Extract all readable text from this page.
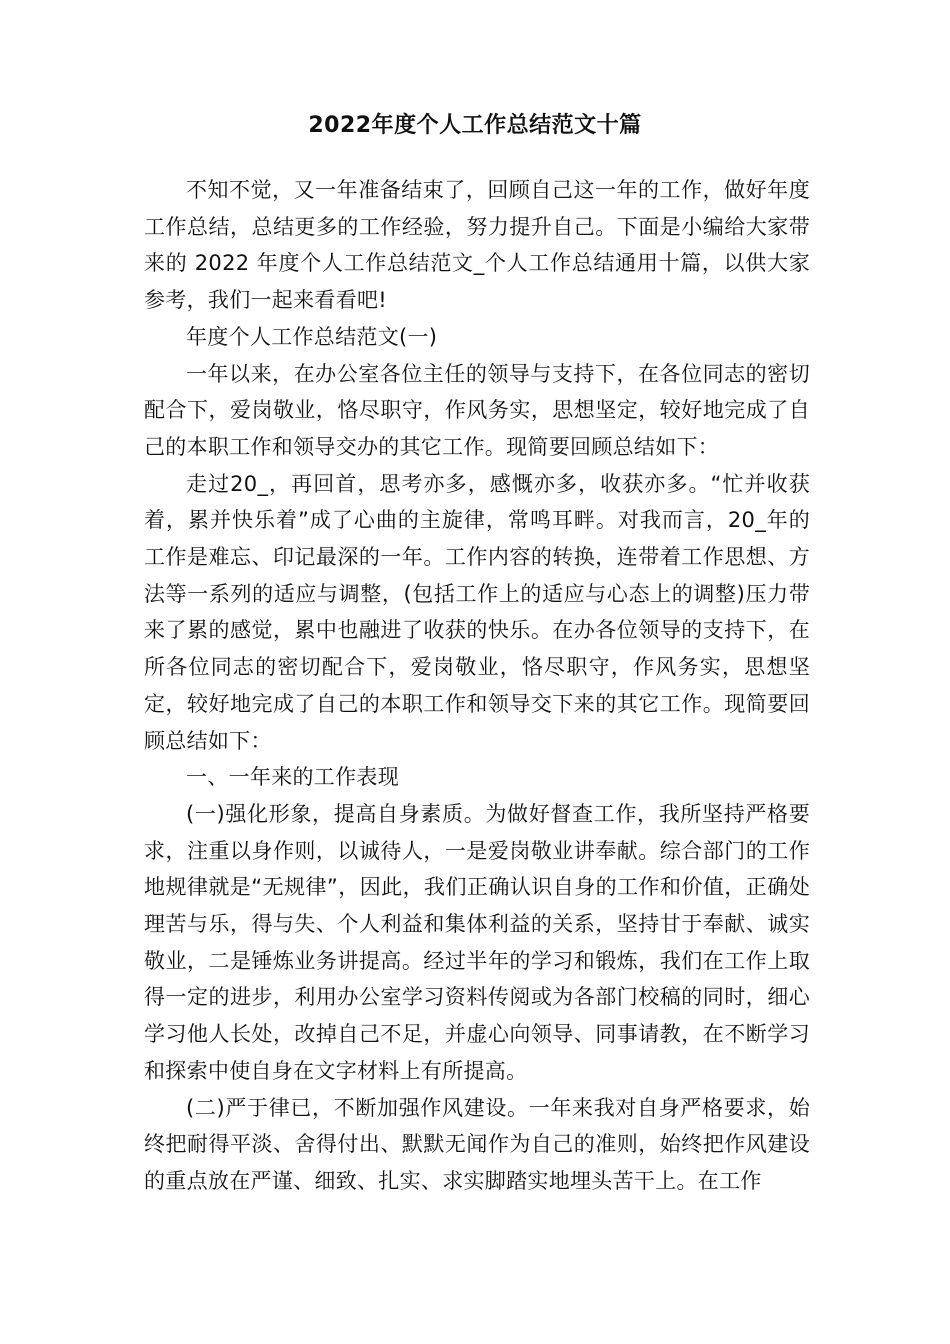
2022年度个人工作总结范文十篇

不知不觉，又一年准备结束了，回顾自己这一年的工作，做好年度工作总结，总结更多的工作经验，努力提升自己。下面是小编给大家带来的 2022 年度个人工作总结范文_个人工作总结通用十篇，以供大家参考，我们一起来看看吧!

年度个人工作总结范文(一)

一年以来，在办公室各位主任的领导与支持下，在各位同志的密切配合下，爱岗敬业，恪尽职守，作风务实，思想坚定，较好地完成了自己的本职工作和领导交办的其它工作。现简要回顾总结如下：

走过20_，再回首，思考亦多，感慨亦多，收获亦多。“忙并收获着，累并快乐着”成了心曲的主旋律，常鸣耳畔。对我而言，20_年的工作是难忘、印记最深的一年。工作内容的转换，连带着工作思想、方法等一系列的适应与调整，(包括工作上的适应与心态上的调整)压力带来了累的感觉，累中也融进了收获的快乐。在办各位领导的支持下，在所各位同志的密切配合下，爱岗敬业，恪尽职守，作风务实，思想坚定，较好地完成了自己的本职工作和领导交下来的其它工作。现简要回顾总结如下：

一、一年来的工作表现

(一)强化形象，提高自身素质。为做好督查工作，我所坚持严格要求，注重以身作则，以诚待人，一是爱岗敬业讲奉献。综合部门的工作地规律就是“无规律”，因此，我们正确认识自身的工作和价值，正确处理苦与乐，得与失、个人利益和集体利益的关系，坚持甘于奉献、诚实敬业，二是锤炼业务讲提高。经过半年的学习和锻炼，我们在工作上取得一定的进步，利用办公室学习资料传阅或为各部门校稿的同时，细心学习他人长处，改掉自己不足，并虚心向领导、同事请教，在不断学习和探索中使自身在文字材料上有所提高。

(二)严于律已，不断加强作风建设。一年来我对自身严格要求，始终把耐得平淡、舍得付出、默默无闻作为自己的准则，始终把作风建设的重点放在严谨、细致、扎实、求实脚踏实地埋头苦干上。在工作
